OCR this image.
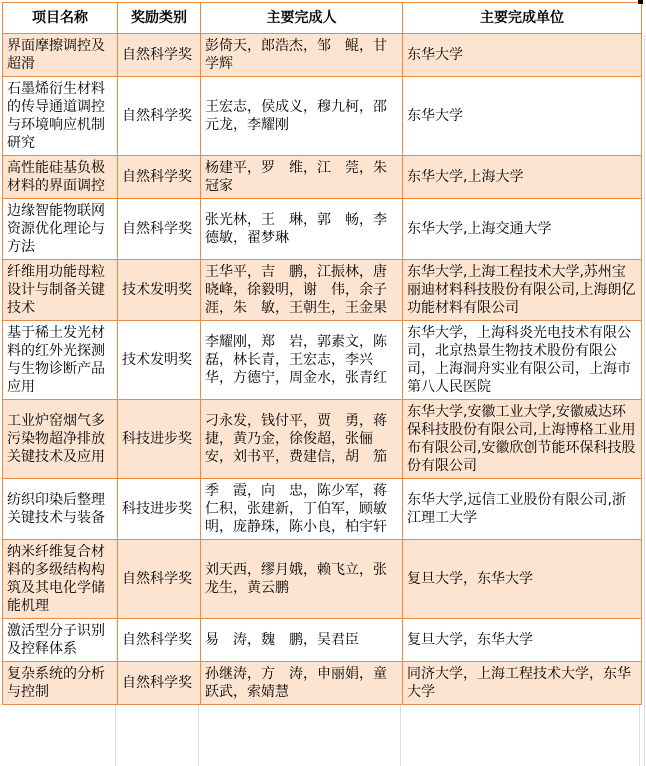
项目名称	奖励类别	主要完成人	主要完成单位
界面摩擦调控及超滑	自然科学奖	彭倚天，郎浩杰，邹　鲲，甘学辉	东华大学
石墨烯衍生材料的传导通道调控与环境响应机制研究	自然科学奖	王宏志，侯成义，穆九柯，邵元龙，李耀刚	东华大学
高性能硅基负极材料的界面调控	自然科学奖	杨建平，罗　维，江　莞，朱冠家	东华大学,上海大学
边缘智能物联网资源优化理论与方法	自然科学奖	张光林，王　琳，郭　畅，李德敏，翟梦琳	东华大学,上海交通大学
纤维用功能母粒设计与制备关键技术	技术发明奖	王华平，吉　鹏，江振林，唐晓峰，徐毅明，谢　伟，余子涯，朱　敏，王朝生，王金果	东华大学,上海工程技术大学,苏州宝丽迪材料科技股份有限公司,上海朗亿功能材料有限公司
基于稀土发光材料的红外光探测与生物诊断产品应用	技术发明奖	李耀刚，郑　岩，郭素文，陈　磊，林长青，王宏志，李兴华，方德宁，周金水，张青红	东华大学，上海科炎光电技术有限公司，北京热景生物技术股份有限公司，上海洞舟实业有限公司，上海市第八人民医院
工业炉窑烟气多污染物超净排放关键技术及应用	科技进步奖	刁永发，钱付平，贾　勇，蒋　捷，黄乃金，徐俊超，张俪安，刘书平，费建信，胡　笳	东华大学,安徽工业大学,安徽威达环保科技股份有限公司,上海博格工业用布有限公司,安徽欣创节能环保科技股份有限公司
纺织印染后整理关键技术与装备	科技进步奖	季　霞，向　忠，陈少军，蒋仁积，张建新，丁伯军，顾敏明，庞静珠，陈小良，柏宇轩	东华大学,远信工业股份有限公司,浙江理工大学
纳米纤维复合材料的多级结构构筑及其电化学储能机理	自然科学奖	刘天西，缪月娥，赖飞立，张龙生，黄云鹏	复旦大学，东华大学
激活型分子识别及控释体系	自然科学奖	易　涛，魏　鹏，吴君臣	复旦大学，东华大学
复杂系统的分析与控制	自然科学奖	孙继涛，方　涛，申丽娟，童跃武，索婧慧	同济大学，上海工程技术大学，东华大学
